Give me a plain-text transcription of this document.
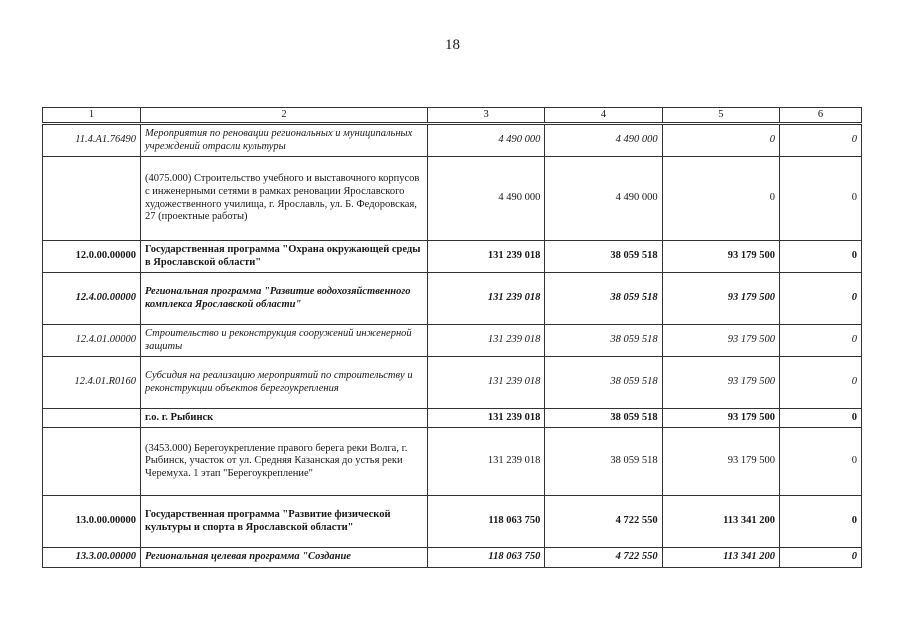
18
1	2	3	4	5	6
11.4.A1.76490	Мероприятия по реновации региональных и муниципальных учреждений отрасли культуры	4 490 000	4 490 000	0	0
	(4075.000) Строительство учебного и выставочного корпусов с инженерными сетями в рамках реновации Ярославского художественного училища, г. Ярославль, ул. Б. Федоровская, 27 (проектные работы)	4 490 000	4 490 000	0	0
12.0.00.00000	Государственная программа "Охрана окружающей среды в Ярославской области"	131 239 018	38 059 518	93 179 500	0
12.4.00.00000	Региональная программа "Развитие водохозяйственного комплекса Ярославской области"	131 239 018	38 059 518	93 179 500	0
12.4.01.00000	Строительство и реконструкция сооружений инженерной защиты	131 239 018	38 059 518	93 179 500	0
12.4.01.R0160	Субсидия на реализацию мероприятий по строительству и реконструкции объектов берегоукрепления	131 239 018	38 059 518	93 179 500	0
	г.о. г. Рыбинск	131 239 018	38 059 518	93 179 500	0
	(3453.000) Берегоукрепление правого берега реки Волга, г. Рыбинск, участок от ул. Средняя Казанская до устья реки Черемуха. 1 этап "Берегоукрепление"	131 239 018	38 059 518	93 179 500	0
13.0.00.00000	Государственная программа "Развитие физической культуры и спорта в Ярославской области"	118 063 750	4 722 550	113 341 200	0
13.3.00.00000	Региональная целевая программа "Создание	118 063 750	4 722 550	113 341 200	0
